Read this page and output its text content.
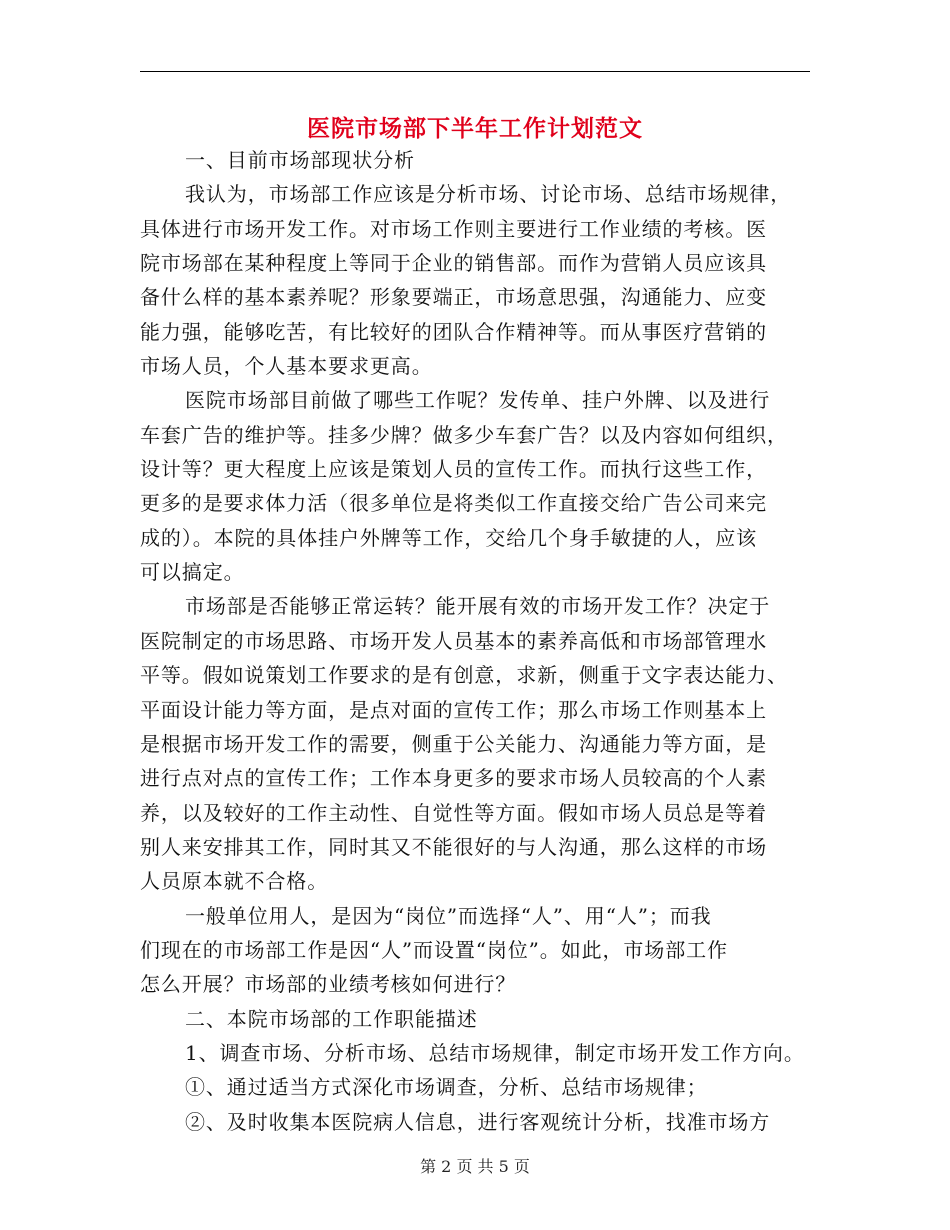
医院市场部下半年工作计划范文
一、目前市场部现状分析
我认为，市场部工作应该是分析市场、讨论市场、总结市场规律，
具体进行市场开发工作。对市场工作则主要进行工作业绩的考核。医
院市场部在某种程度上等同于企业的销售部。而作为营销人员应该具
备什么样的基本素养呢？形象要端正，市场意思强，沟通能力、应变
能力强，能够吃苦，有比较好的团队合作精神等。而从事医疗营销的
市场人员，个人基本要求更高。
医院市场部目前做了哪些工作呢？发传单、挂户外牌、以及进行
车套广告的维护等。挂多少牌？做多少车套广告？以及内容如何组织，
设计等？更大程度上应该是策划人员的宣传工作。而执行这些工作，
更多的是要求体力活（很多单位是将类似工作直接交给广告公司来完
成的）。本院的具体挂户外牌等工作，交给几个身手敏捷的人，应该
可以搞定。
市场部是否能够正常运转？能开展有效的市场开发工作？决定于
医院制定的市场思路、市场开发人员基本的素养高低和市场部管理水
平等。假如说策划工作要求的是有创意，求新，侧重于文字表达能力、
平面设计能力等方面，是点对面的宣传工作；那么市场工作则基本上
是根据市场开发工作的需要，侧重于公关能力、沟通能力等方面，是
进行点对点的宣传工作；工作本身更多的要求市场人员较高的个人素
养，以及较好的工作主动性、自觉性等方面。假如市场人员总是等着
别人来安排其工作，同时其又不能很好的与人沟通，那么这样的市场
人员原本就不合格。
一般单位用人，是因为“岗位”而选择“人”、用“人”；而我
们现在的市场部工作是因“人”而设置“岗位”。如此，市场部工作
怎么开展？市场部的业绩考核如何进行？
二、本院市场部的工作职能描述
1、调查市场、分析市场、总结市场规律，制定市场开发工作方向。
①、通过适当方式深化市场调查，分析、总结市场规律；
②、及时收集本医院病人信息，进行客观统计分析，找准市场方
第 2 页 共 5 页
